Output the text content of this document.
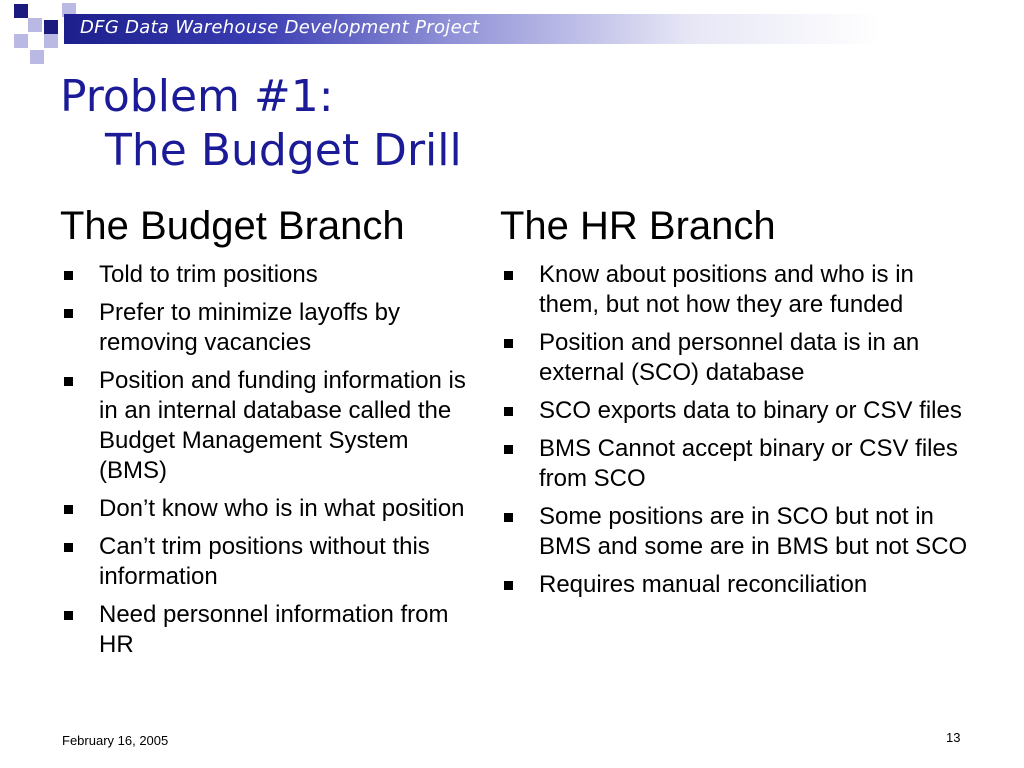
DFG Data Warehouse Development Project
Problem #1:
The Budget Drill
The Budget Branch
Told to trim positions
Prefer to minimize layoffs by removing vacancies
Position and funding information is in an internal database called the Budget Management System (BMS)
Don’t know who is in what position
Can’t trim positions without this information
Need personnel information from HR
The HR Branch
Know about positions and who is in them, but not how they are funded
Position and personnel data is in an external (SCO) database
SCO exports data to binary or CSV files
BMS Cannot accept binary or CSV files from SCO
Some positions are in SCO but not in BMS and some are in BMS but not SCO
Requires manual reconciliation
February 16, 2005	13
